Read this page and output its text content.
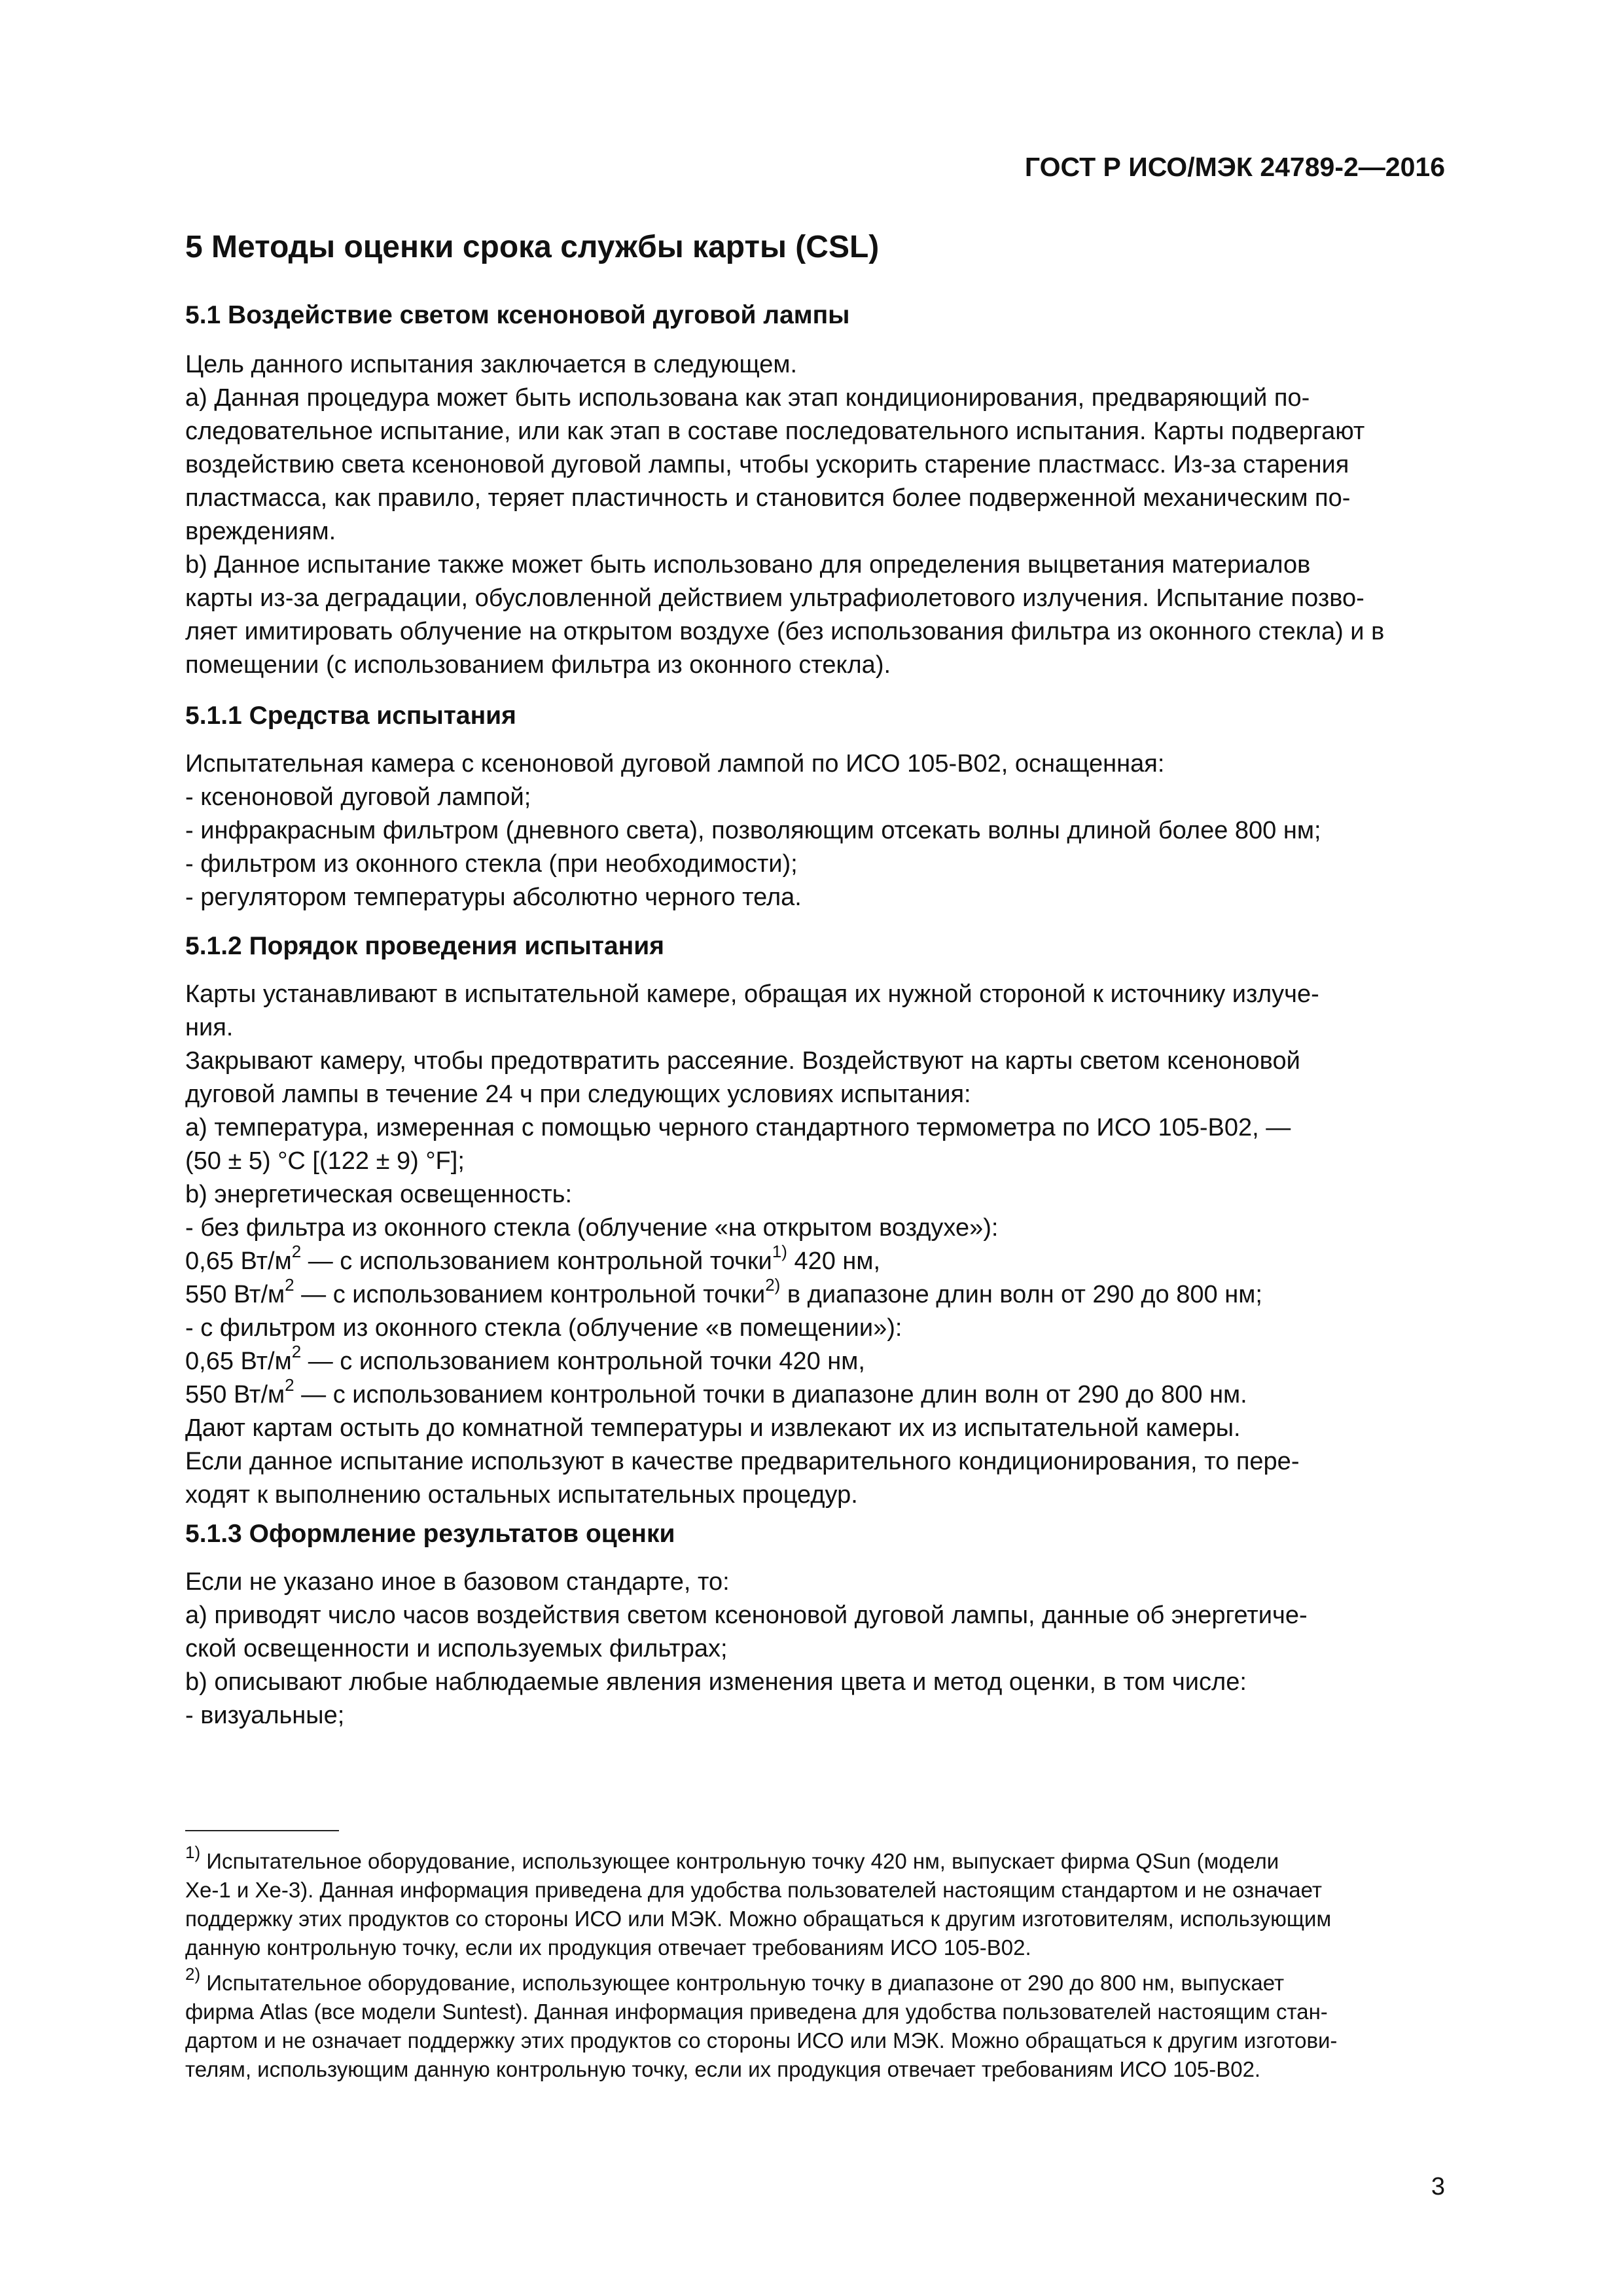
ГОСТ Р ИСО/МЭК 24789-2—2016
5 Методы оценки срока службы карты (CSL)
5.1 Воздействие светом ксеноновой дуговой лампы
Цель данного испытания заключается в следующем.
a) Данная процедура может быть использована как этап кондиционирования, предваряющий по-
следовательное испытание, или как этап в составе последовательного испытания. Карты подвергают
воздействию света ксеноновой дуговой лампы, чтобы ускорить старение пластмасс. Из-за старения
пластмасса, как правило, теряет пластичность и становится более подверженной механическим по-
вреждениям.
b) Данное испытание также может быть использовано для определения выцветания материалов
карты из-за деградации, обусловленной действием ультрафиолетового излучения. Испытание позво-
ляет имитировать облучение на открытом воздухе (без использования фильтра из оконного стекла) и в
помещении (с использованием фильтра из оконного стекла).
5.1.1 Средства испытания
Испытательная камера с ксеноновой дуговой лампой по ИСО 105-B02, оснащенная:
- ксеноновой дуговой лампой;
- инфракрасным фильтром (дневного света), позволяющим отсекать волны длиной более 800 нм;
- фильтром из оконного стекла (при необходимости);
- регулятором температуры абсолютно черного тела.
5.1.2 Порядок проведения испытания
Карты устанавливают в испытательной камере, обращая их нужной стороной к источнику излуче-
ния.
Закрывают камеру, чтобы предотвратить рассеяние. Воздействуют на карты светом ксеноновой
дуговой лампы в течение 24 ч при следующих условиях испытания:
a) температура, измеренная с помощью черного стандартного термометра по ИСО 105-B02, —
(50 ± 5) °С [(122 ± 9) °F];
b) энергетическая освещенность:
- без фильтра из оконного стекла (облучение «на открытом воздухе»):
0,65 $Вт/м^2$ — с использованием контрольной точки$^{1)}$ 420 нм,
550 $Вт/м^2$ — с использованием контрольной точки$^{2)}$ в диапазоне длин волн от 290 до 800 нм;
- с фильтром из оконного стекла (облучение «в помещении»):
0,65 $Вт/м^2$ — с использованием контрольной точки 420 нм,
550 $Вт/м^2$ — с использованием контрольной точки в диапазоне длин волн от 290 до 800 нм.
Дают картам остыть до комнатной температуры и извлекают их из испытательной камеры.
Если данное испытание используют в качестве предварительного кондиционирования, то пере-
ходят к выполнению остальных испытательных процедур.
5.1.3 Оформление результатов оценки
Если не указано иное в базовом стандарте, то:
a) приводят число часов воздействия светом ксеноновой дуговой лампы, данные об энергетиче-
ской освещенности и используемых фильтрах;
b) описывают любые наблюдаемые явления изменения цвета и метод оценки, в том числе:
- визуальные;
$^{1)}$ Испытательное оборудование, использующее контрольную точку 420 нм, выпускает фирма QSun (модели
Хе-1 и Хе-3). Данная информация приведена для удобства пользователей настоящим стандартом и не означает
поддержку этих продуктов со стороны ИСО или МЭК. Можно обращаться к другим изготовителям, использующим
данную контрольную точку, если их продукция отвечает требованиям ИСО 105-B02.
$^{2)}$ Испытательное оборудование, использующее контрольную точку в диапазоне от 290 до 800 нм, выпускает
фирма Atlas (все модели Suntest). Данная информация приведена для удобства пользователей настоящим стан-
дартом и не означает поддержку этих продуктов со стороны ИСО или МЭК. Можно обращаться к другим изготови-
телям, использующим данную контрольную точку, если их продукция отвечает требованиям ИСО 105-B02.
3
